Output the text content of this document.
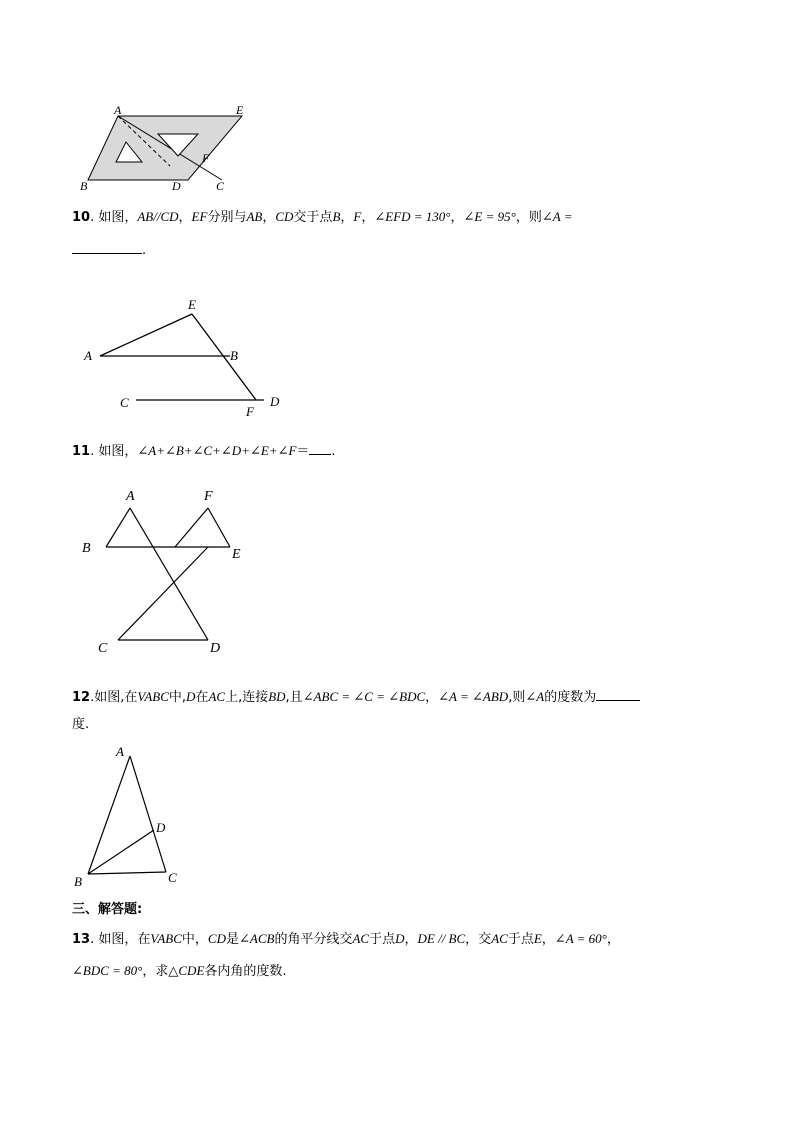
A	E
F
B	D	C
10. 如图，AB//CD，EF分别与AB，CD交于点B，F，∠EFD = 130°，∠E = 95°，则∠A =
.
E
A	B
C
F
D
11. 如图，∠A+∠B+∠C+∠D+∠E+∠F＝ .
A	F
B	E
C	D
12.如图,在VABC中,D在AC上,连接BD,且∠ABC = ∠C = ∠BDC，∠A = ∠ABD,则∠A的度数为
度.
A
D
B	C
三、解答题:
13. 如图，在VABC中，CD是∠ACB的角平分线交AC于点D，DE // BC，交AC于点E，∠A = 60°，
∠BDC = 80°，求△CDE各内角的度数.
